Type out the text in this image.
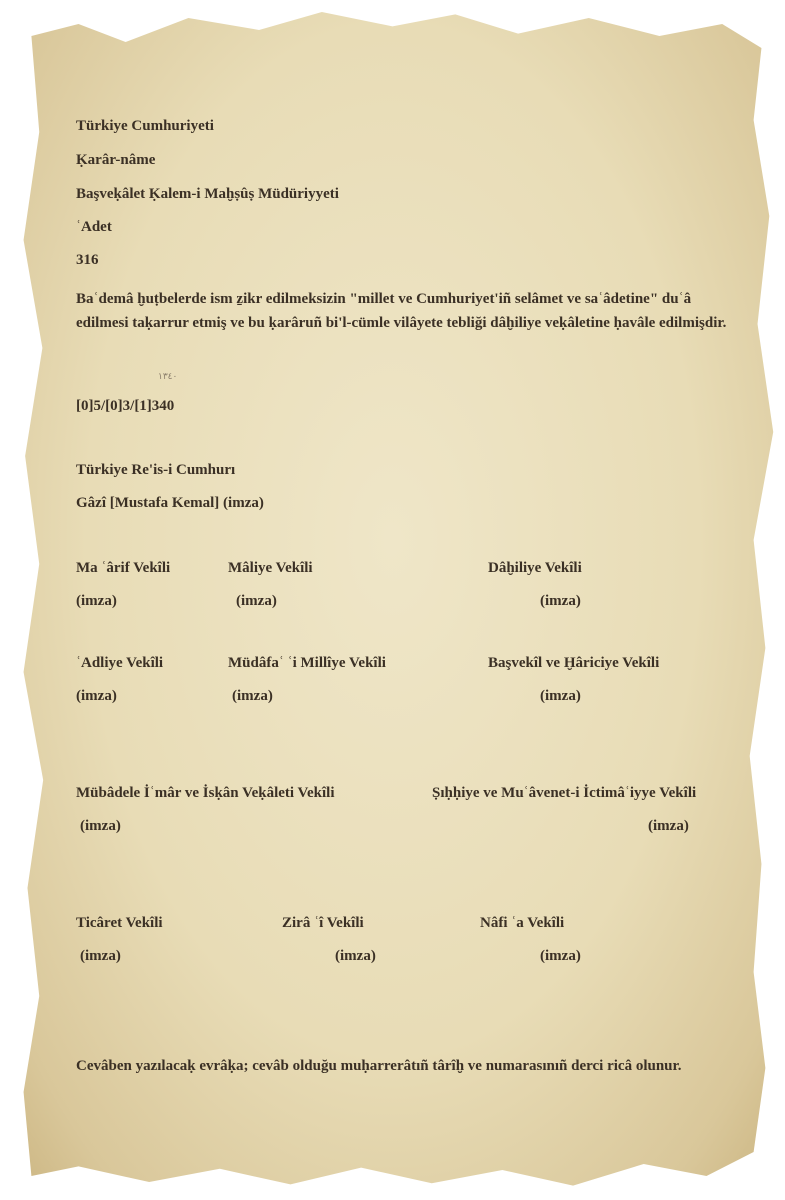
Türkiye Cumhuriyeti
Ḳarâr-nâme
Başveḳâlet Ḳalem-i Maḫṣûṣ Müdüriyyeti
ʿAdet
316
Baʿdemâ ḫuṭbelerde ism ẕikr edilmeksizin "millet ve Cumhuriyet'iñ selâmet ve saʿâdetine" duʿâ edilmesi taḳarrur etmiş ve bu ḳarâruñ bi'l-cümle vilâyete tebliği dâḫiliye veḳâletine ḥavâle edilmişdir.
۱۳٤٠
[0]5/[0]3/[1]340
Türkiye Re'is-i Cumhurı
Gâzî [Mustafa Kemal] (imza)
Ma ʿârif Vekîli
(imza)
Mâliye Vekîli
(imza)
Dâḫiliye Vekîli
(imza)
ʿAdliye Vekîli
(imza)
Müdâfaʿ ʿi Millîye Vekîli
(imza)
Başvekîl ve Ḫâriciye Vekîli
(imza)
Mübâdele İʿmâr ve İsḳân Veḳâleti Vekîli
(imza)
Ṣıḥḥiye ve Muʿâvenet-i İctimâʿiyye Vekîli
(imza)
Ticâret Vekîli
(imza)
Zirâ ʿî Vekîli
(imza)
Nâfi ʿa Vekîli
(imza)
Cevâben yazılacaḳ evrâḳa; cevâb olduğu muḥarrerâtıñ târîḫ ve numarasınıñ derci ricâ olunur.
